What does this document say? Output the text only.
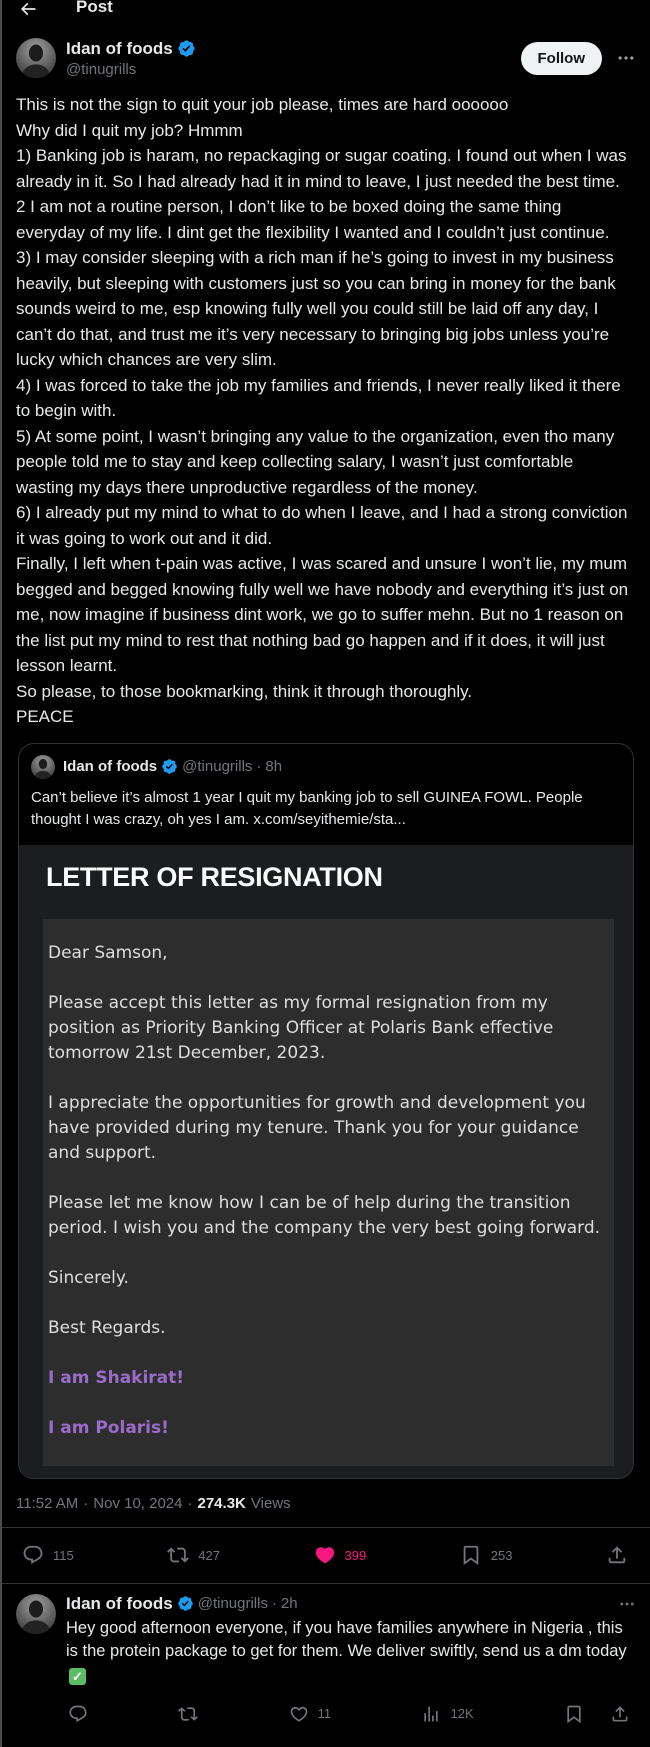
Post
Idan of foods
@tinugrills
Follow
This is not the sign to quit your job please, times are hard oooooo
Why did I quit my job? Hmmm
1) Banking job is haram, no repackaging or sugar coating. I found out when I was already in it. So I had already had it in mind to leave, I just needed the best time.
2 I am not a routine person, I don’t like to be boxed doing the same thing everyday of my life. I dint get the flexibility I wanted and I couldn’t just continue.
3) I may consider sleeping with a rich man if he’s going to invest in my business heavily, but sleeping with customers just so you can bring in money for the bank sounds weird to me, esp knowing fully well you could still be laid off any day, I can’t do that, and trust me it’s very necessary to bringing big jobs unless you’re lucky which chances are very slim.
4) I was forced to take the job my families and friends, I never really liked it there to begin with.
5) At some point, I wasn’t bringing any value to the organization, even tho many people told me to stay and keep collecting salary, I wasn’t just comfortable wasting my days there unproductive regardless of the money.
6) I already put my mind to what to do when I leave, and I had a strong conviction it was going to work out and it did.
Finally, I left when t-pain was active, I was scared and unsure I won’t lie, my mum begged and begged knowing fully well we have nobody and everything it’s just on me, now imagine if business dint work, we go to suffer mehn. But no 1 reason on the list put my mind to rest that nothing bad go happen and if it does, it will just lesson learnt.
So please, to those bookmarking, think it through thoroughly.
PEACE
Idan of foods @tinugrills · 8h
Can’t believe it’s almost 1 year I quit my banking job to sell GUINEA FOWL. People thought I was crazy, oh yes I am. x.com/seyithemie/sta...
LETTER OF RESIGNATION
Dear Samson,
Please accept this letter as my formal resignation from my position as Priority Banking Officer at Polaris Bank effective tomorrow 21st December, 2023.
I appreciate the opportunities for growth and development you have provided during my tenure. Thank you for your guidance and support.
Please let me know how I can be of help during the transition period. I wish you and the company the very best going forward.
Sincerely.
Best Regards.
I am Shakirat!
I am Polaris!
11:52 AM · Nov 10, 2024 · 274.3K Views
115	427	399	253
Idan of foods @tinugrills · 2h
Hey good afternoon everyone, if you have families anywhere in Nigeria , this is the protein package to get for them. We deliver swiftly, send us a dm today✓
11	12K
